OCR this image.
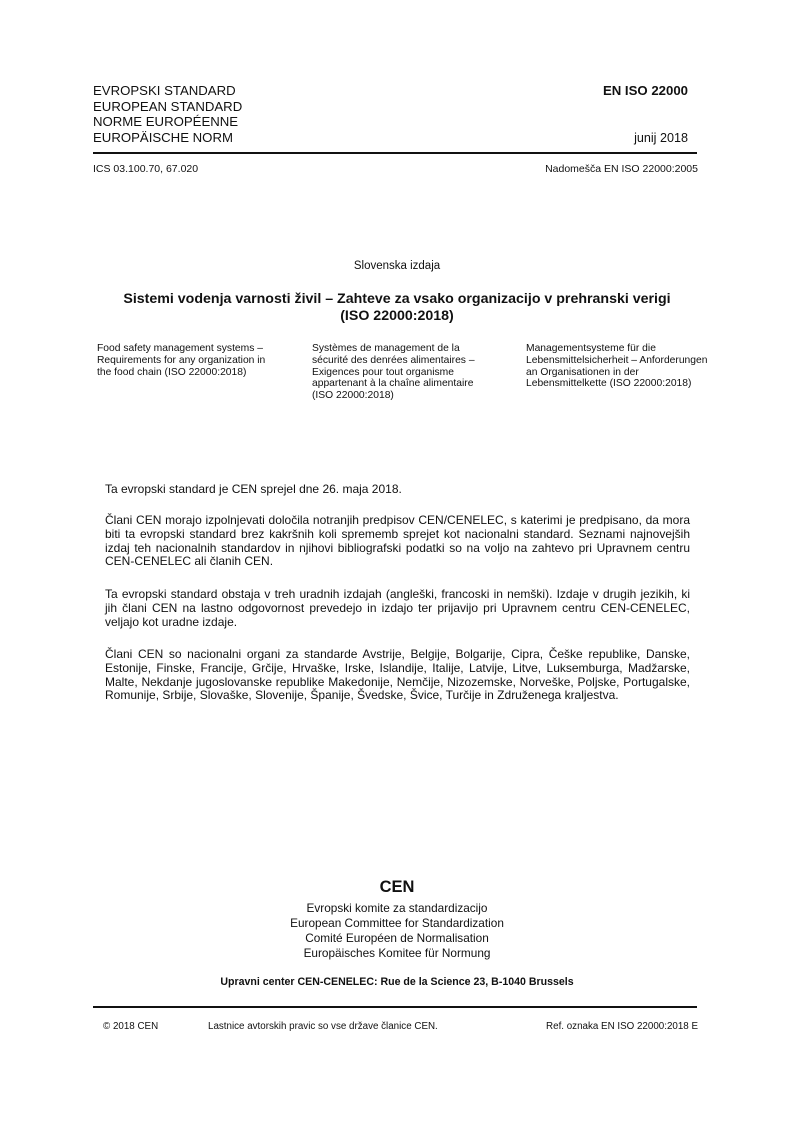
EVROPSKI STANDARD
EUROPEAN STANDARD
NORME EUROPÉENNE
EUROPÄISCHE NORM
EN ISO 22000
junij 2018
ICS 03.100.70, 67.020	Nadomešča EN ISO 22000:2005
Slovenska izdaja
Sistemi vodenja varnosti živil – Zahteve za vsako organizacijo v prehranski verigi (ISO 22000:2018)
Food safety management systems – Requirements for any organization in the food chain (ISO 22000:2018)
Systèmes de management de la sécurité des denrées alimentaires – Exigences pour tout organisme appartenant à la chaîne alimentaire (ISO 22000:2018)
Managementsysteme für die Lebensmittelsicherheit – Anforderungen an Organisationen in der Lebensmittelkette (ISO 22000:2018)
Ta evropski standard je CEN sprejel dne 26. maja 2018.
Člani CEN morajo izpolnjevati določila notranjih predpisov CEN/CENELEC, s katerimi je predpisano, da mora biti ta evropski standard brez kakršnih koli sprememb sprejet kot nacionalni standard. Seznami najnovejših izdaj teh nacionalnih standardov in njihovi bibliografski podatki so na voljo na zahtevo pri Upravnem centru CEN-CENELEC ali članih CEN.
Ta evropski standard obstaja v treh uradnih izdajah (angleški, francoski in nemški). Izdaje v drugih jezikih, ki jih člani CEN na lastno odgovornost prevedejo in izdajo ter prijavijo pri Upravnem centru CEN-CENELEC, veljajo kot uradne izdaje.
Člani CEN so nacionalni organi za standarde Avstrije, Belgije, Bolgarije, Cipra, Češke republike, Danske, Estonije, Finske, Francije, Grčije, Hrvaške, Irske, Islandije, Italije, Latvije, Litve, Luksemburga, Madžarske, Malte, Nekdanje jugoslovanske republike Makedonije, Nemčije, Nizozemske, Norveške, Poljske, Portugalske, Romunije, Srbije, Slovaške, Slovenije, Španije, Švedske, Švice, Turčije in Združenega kraljestva.
CEN
Evropski komite za standardizacijo
European Committee for Standardization
Comité Européen de Normalisation
Europäisches Komitee für Normung
Upravni center CEN-CENELEC: Rue de la Science 23, B-1040 Brussels
© 2018 CEN	Lastnice avtorskih pravic so vse države članice CEN.	Ref. oznaka EN ISO 22000:2018 E
